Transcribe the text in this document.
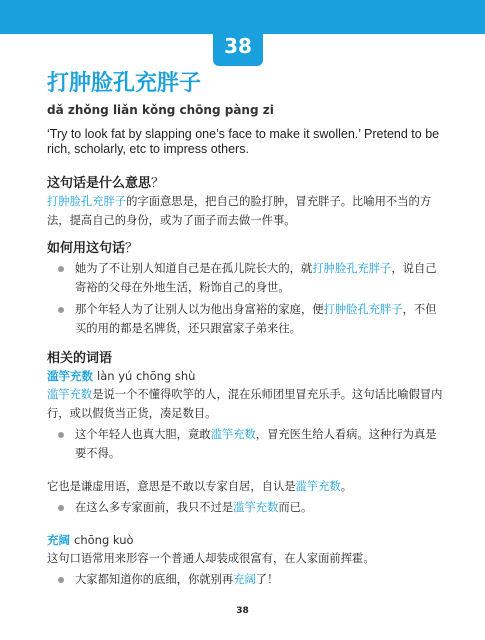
38
打肿脸孔充胖子
dǎ zhǒng liǎn kǒng chōng pàng zi
‘Try to look fat by slapping one’s face to make it swollen.’ Pretend to be rich, scholarly, etc to impress others.
这句话是什么意思？

打肿脸孔充胖子的字面意思是，把自己的脸打肿，冒充胖子。比喻用不当的方法，提高自己的身份，或为了面子而去做一件事。

如何用这句话？
她为了不让别人知道自己是在孤儿院长大的，就打肿脸孔充胖子，说自己寄裕的父母在外地生活，粉饰自己的身世。
那个年轻人为了让别人以为他出身富裕的家庭，便打肿脸孔充胖子，不但买的用的都是名牌货，还只跟富家子弟来往。
相关的词语
滥竽充数 làn yú chōng shù

滥竽充数是说一个不懂得吹竽的人，混在乐师团里冒充乐手。这句话比喻假冒内行，或以假货当正货，凑足数目。

这个年轻人也真大胆，竟敢滥竽充数，冒充医生给人看病。这种行为真是要不得。

它也是谦虚用语，意思是不敢以专家自居，自认是滥竽充数。

在这么多专家面前，我只不过是滥竽充数而已。
充阔 chōng kuò

这句口语常用来形容一个普通人却装成很富有，在人家面前挥霍。

大家都知道你的底细，你就别再充阔了！
38
